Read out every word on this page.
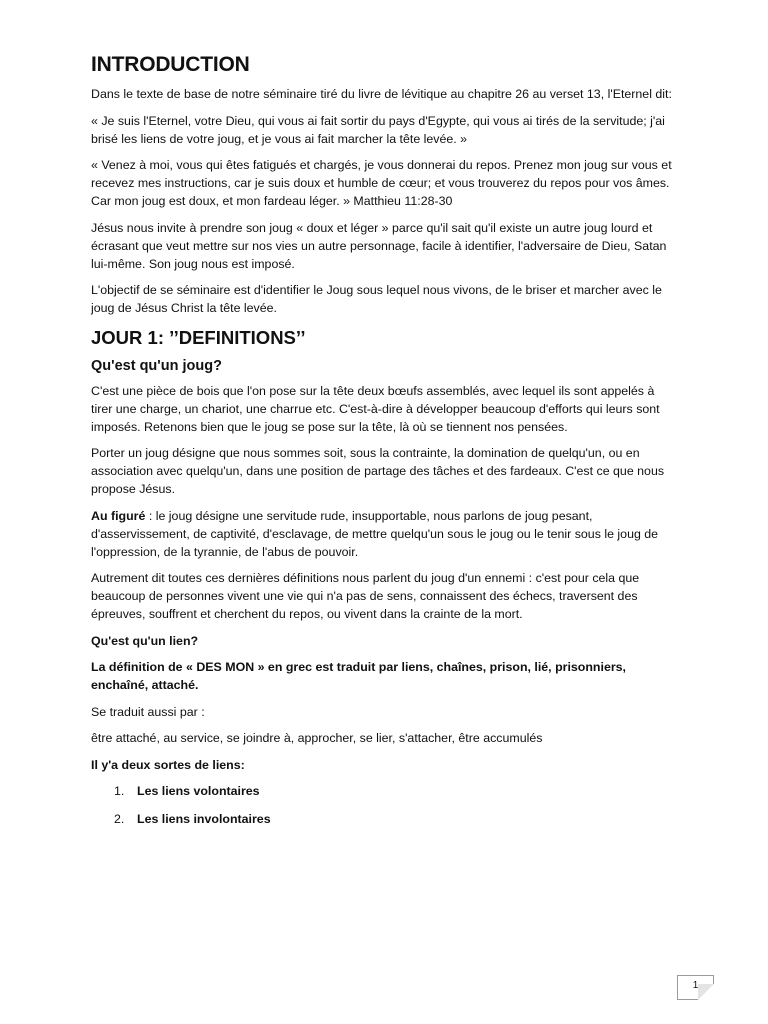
INTRODUCTION

Dans le texte de base de notre séminaire tiré du livre de lévitique au chapitre 26 au verset 13, l'Eternel dit:

« Je suis l'Eternel, votre Dieu, qui vous ai fait sortir du pays d'Egypte, qui vous ai tirés de la servitude; j'ai brisé les liens de votre joug, et je vous ai fait marcher la tête levée. »

« Venez à moi, vous qui êtes fatigués et chargés, je vous donnerai du repos. Prenez mon joug sur vous et recevez mes instructions, car je suis doux et humble de cœur; et vous trouverez du repos pour vos âmes. Car mon joug est doux, et mon fardeau léger. » Matthieu 11:28-30

Jésus nous invite à prendre son joug « doux et léger » parce qu'il sait qu'il existe un autre joug lourd et écrasant que veut mettre sur nos vies un autre personnage, facile à identifier, l'adversaire de Dieu, Satan lui-même. Son joug nous est imposé.

L'objectif de se séminaire est d'identifier le Joug sous lequel nous vivons, de le briser et marcher avec le joug de Jésus Christ la tête levée.

JOUR 1: ’’DEFINITIONS’’
Qu'est qu'un joug?

C'est une pièce de bois que l'on pose sur la tête deux bœufs assemblés, avec lequel ils sont appelés à tirer une charge, un chariot, une charrue etc. C'est-à-dire à développer beaucoup d'efforts qui leurs sont imposés. Retenons bien que le joug se pose sur la tête, là où se tiennent nos pensées.

Porter un joug désigne que nous sommes soit, sous la contrainte, la domination de quelqu'un, ou en association avec quelqu'un, dans une position de partage des tâches et des fardeaux. C'est ce que nous propose Jésus.

Au figuré : le joug désigne une servitude rude, insupportable, nous parlons de joug pesant, d'asservissement, de captivité, d'esclavage, de mettre quelqu'un sous le joug ou le tenir sous le joug de l'oppression, de la tyrannie, de l'abus de pouvoir.

Autrement dit toutes ces dernières définitions nous parlent du joug d'un ennemi : c'est pour cela que beaucoup de personnes vivent une vie qui n'a pas de sens, connaissent des échecs, traversent des épreuves, souffrent et cherchent du repos, ou vivent dans la crainte de la mort.

Qu'est qu'un lien?

La définition de « DES MON » en grec est traduit par liens, chaînes, prison, lié, prisonniers, enchaîné, attaché.

Se traduit aussi par :

être attaché, au service, se joindre à, approcher, se lier, s'attacher, être accumulés

Il y'a deux sortes de liens:

1.	Les liens volontaires
2.	Les liens involontaires
1
